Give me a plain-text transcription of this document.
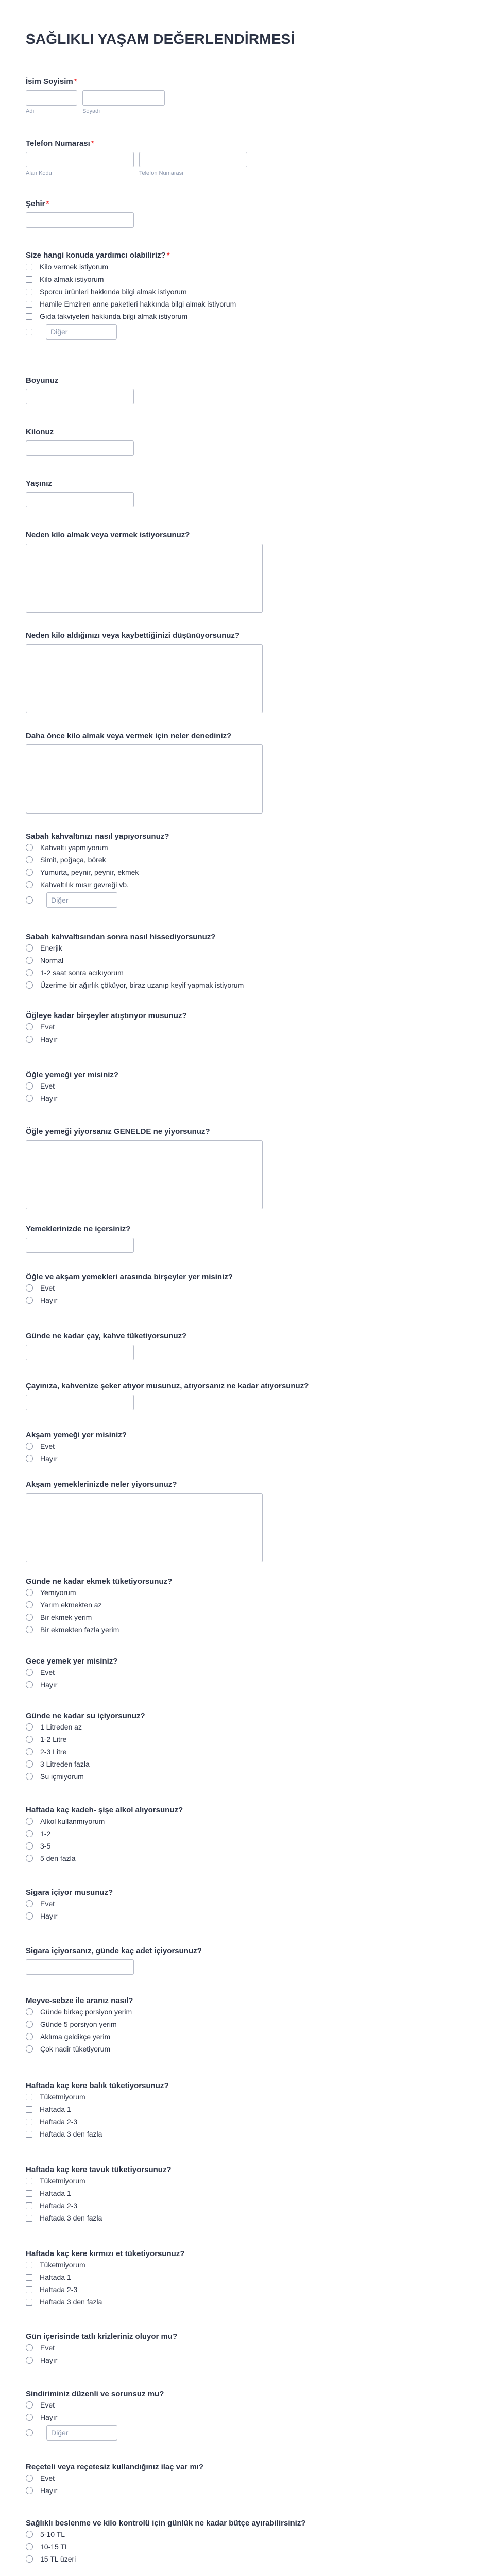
SAĞLIKLI YAŞAM DEĞERLENDİRMESİ
İsim Soyisim *
Adı	Soyadı
Telefon Numarası *
Alan Kodu	Telefon Numarası
Şehir *
Size hangi konuda yardımcı olabiliriz? *
Kilo vermek istiyorum
Kilo almak istiyorum
Sporcu ürünleri hakkında bilgi almak istiyorum
Hamile Emziren anne paketleri hakkında bilgi almak istiyorum
Gıda takviyeleri hakkında bilgi almak istiyorum
Diğer
Boyunuz
Kilonuz
Yaşınız
Neden kilo almak veya vermek istiyorsunuz?
Neden kilo aldığınızı veya kaybettiğinizi düşünüyorsunuz?
Daha önce kilo almak veya vermek için neler denediniz?
Sabah kahvaltınızı nasıl yapıyorsunuz?
Kahvaltı yapmıyorum
Simit, poğaça, börek
Yumurta, peynir, peynir, ekmek
Kahvaltılık mısır gevreği vb.
Diğer
Sabah kahvaltısından sonra nasıl hissediyorsunuz?
Enerjik
Normal
1-2 saat sonra acıkıyorum
Üzerime bir ağırlık çöküyor, biraz uzanıp keyif yapmak istiyorum
Öğleye kadar birşeyler atıştırıyor musunuz?
Evet
Hayır
Öğle yemeği yer misiniz?
Evet
Hayır
Öğle yemeği yiyorsanız GENELDE ne yiyorsunuz?
Yemeklerinizde ne içersiniz?
Öğle ve akşam yemekleri arasında birşeyler yer misiniz?
Evet
Hayır
Günde ne kadar çay, kahve tüketiyorsunuz?
Çayınıza, kahvenize şeker atıyor musunuz, atıyorsanız ne kadar atıyorsunuz?
Akşam yemeği yer misiniz?
Evet
Hayır
Akşam yemeklerinizde neler yiyorsunuz?
Günde ne kadar ekmek tüketiyorsunuz?
Yemiyorum
Yarım ekmekten az
Bir ekmek yerim
Bir ekmekten fazla yerim
Gece yemek yer misiniz?
Evet
Hayır
Günde ne kadar su içiyorsunuz?
1 Litreden az
1-2 Litre
2-3 Litre
3 Litreden fazla
Su içmiyorum
Haftada kaç kadeh- şişe alkol alıyorsunuz?
Alkol kullanmıyorum
1-2
3-5
5 den fazla
Sigara içiyor musunuz?
Evet
Hayır
Sigara içiyorsanız, günde kaç adet içiyorsunuz?
Meyve-sebze ile aranız nasıl?
Günde birkaç porsiyon yerim
Günde 5 porsiyon yerim
Aklıma geldikçe yerim
Çok nadir tüketiyorum
Haftada kaç kere balık tüketiyorsunuz?
Tüketmiyorum
Haftada 1
Haftada 2-3
Haftada 3 den fazla
Haftada kaç kere tavuk tüketiyorsunuz?
Tüketmiyorum
Haftada 1
Haftada 2-3
Haftada 3 den fazla
Haftada kaç kere kırmızı et tüketiyorsunuz?
Tüketmiyorum
Haftada 1
Haftada 2-3
Haftada 3 den fazla
Gün içerisinde tatlı krizleriniz oluyor mu?
Evet
Hayır
Sindiriminiz düzenli ve sorunsuz mu?
Evet
Hayır
Diğer
Reçeteli veya reçetesiz kullandığınız ilaç var mı?
Evet
Hayır
Sağlıklı beslenme ve kilo kontrolü için günlük ne kadar bütçe ayırabilirsiniz?
5-10 TL
10-15 TL
15 TL üzeri
